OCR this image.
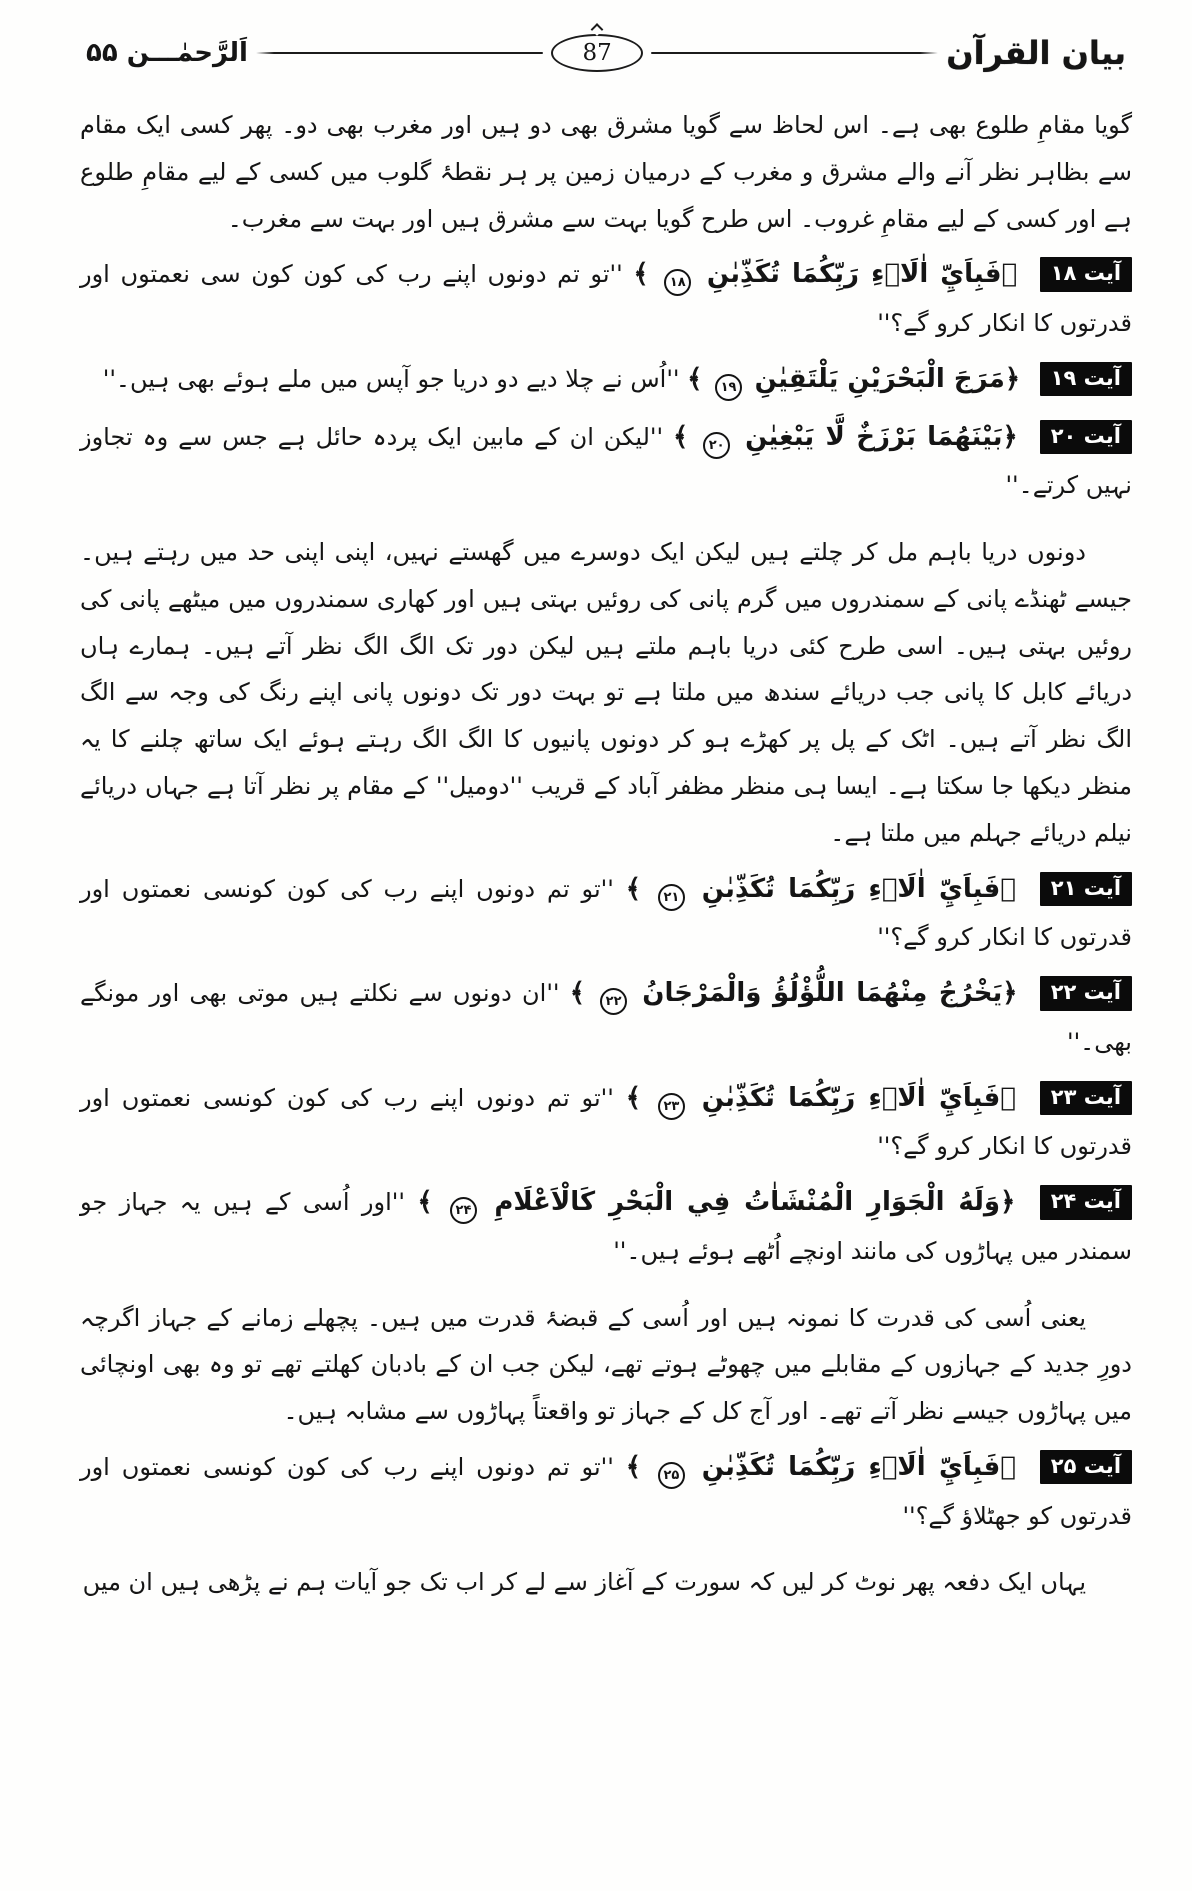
اَلرَّحمٰـــن ۵۵	87	بیان القرآن

گویا مقامِ طلوع بھی ہے۔ اس لحاظ سے گویا مشرق بھی دو ہیں اور مغرب بھی دو۔ پھر کسی ایک مقام سے بظاہر نظر آنے والے مشرق و مغرب کے درمیان زمین پر ہر نقطۂ گلوب میں کسی کے لیے مقامِ طلوع ہے اور کسی کے لیے مقامِ غروب۔ اس طرح گویا بہت سے مشرق ہیں اور بہت سے مغرب۔

آیت ۱۸ ﴿فَبِاَيِّ اٰلَاۤءِ رَبِّكُمَا تُكَذِّبٰنِ ۱۸ ﴾ ''تو تم دونوں اپنے رب کی کون کون سی نعمتوں اور قدرتوں کا انکار کرو گے؟''

آیت ۱۹ ﴿مَرَجَ الْبَحْرَيْنِ يَلْتَقِيٰنِ ۱۹ ﴾ ''اُس نے چلا دیے دو دریا جو آپس میں ملے ہوئے بھی ہیں۔''

آیت ۲۰ ﴿بَيْنَهُمَا بَرْزَخٌ لَّا يَبْغِيٰنِ ۲۰ ﴾ ''لیکن ان کے مابین ایک پردہ حائل ہے جس سے وہ تجاوز نہیں کرتے۔''

دونوں دریا باہم مل کر چلتے ہیں لیکن ایک دوسرے میں گھستے نہیں، اپنی اپنی حد میں رہتے ہیں۔ جیسے ٹھنڈے پانی کے سمندروں میں گرم پانی کی روئیں بہتی ہیں اور کھاری سمندروں میں میٹھے پانی کی روئیں بہتی ہیں۔ اسی طرح کئی دریا باہم ملتے ہیں لیکن دور تک الگ الگ نظر آتے ہیں۔ ہمارے ہاں دریائے کابل کا پانی جب دریائے سندھ میں ملتا ہے تو بہت دور تک دونوں پانی اپنے رنگ کی وجہ سے الگ الگ نظر آتے ہیں۔ اٹک کے پل پر کھڑے ہو کر دونوں پانیوں کا الگ الگ رہتے ہوئے ایک ساتھ چلنے کا یہ منظر دیکھا جا سکتا ہے۔ ایسا ہی منظر مظفر آباد کے قریب ''دومیل'' کے مقام پر نظر آتا ہے جہاں دریائے نیلم دریائے جہلم میں ملتا ہے۔

آیت ۲۱ ﴿فَبِاَيِّ اٰلَاۤءِ رَبِّكُمَا تُكَذِّبٰنِ ۲۱ ﴾ ''تو تم دونوں اپنے رب کی کون کونسی نعمتوں اور قدرتوں کا انکار کرو گے؟''

آیت ۲۲ ﴿يَخْرُجُ مِنْهُمَا اللُّؤْلُؤُ وَالْمَرْجَانُ ۲۲ ﴾ ''ان دونوں سے نکلتے ہیں موتی بھی اور مونگے بھی۔''

آیت ۲۳ ﴿فَبِاَيِّ اٰلَاۤءِ رَبِّكُمَا تُكَذِّبٰنِ ۲۳ ﴾ ''تو تم دونوں اپنے رب کی کون کونسی نعمتوں اور قدرتوں کا انکار کرو گے؟''

آیت ۲۴ ﴿وَلَهُ الْجَوَارِ الْمُنْشَاٰتُ فِي الْبَحْرِ كَالْاَعْلَامِ ۲۴ ﴾ ''اور اُسی کے ہیں یہ جہاز جو سمندر میں پہاڑوں کی مانند اونچے اُٹھے ہوئے ہیں۔''

یعنی اُسی کی قدرت کا نمونہ ہیں اور اُسی کے قبضۂ قدرت میں ہیں۔ پچھلے زمانے کے جہاز اگرچہ دورِ جدید کے جہازوں کے مقابلے میں چھوٹے ہوتے تھے، لیکن جب ان کے بادبان کھلتے تھے تو وہ بھی اونچائی میں پہاڑوں جیسے نظر آتے تھے۔ اور آج کل کے جہاز تو واقعتاً پہاڑوں سے مشابہ ہیں۔

آیت ۲۵ ﴿فَبِاَيِّ اٰلَاۤءِ رَبِّكُمَا تُكَذِّبٰنِ ۲۵ ﴾ ''تو تم دونوں اپنے رب کی کون کونسی نعمتوں اور قدرتوں کو جھٹلاؤ گے؟''

یہاں ایک دفعہ پھر نوٹ کر لیں کہ سورت کے آغاز سے لے کر اب تک جو آیات ہم نے پڑھی ہیں ان میں
